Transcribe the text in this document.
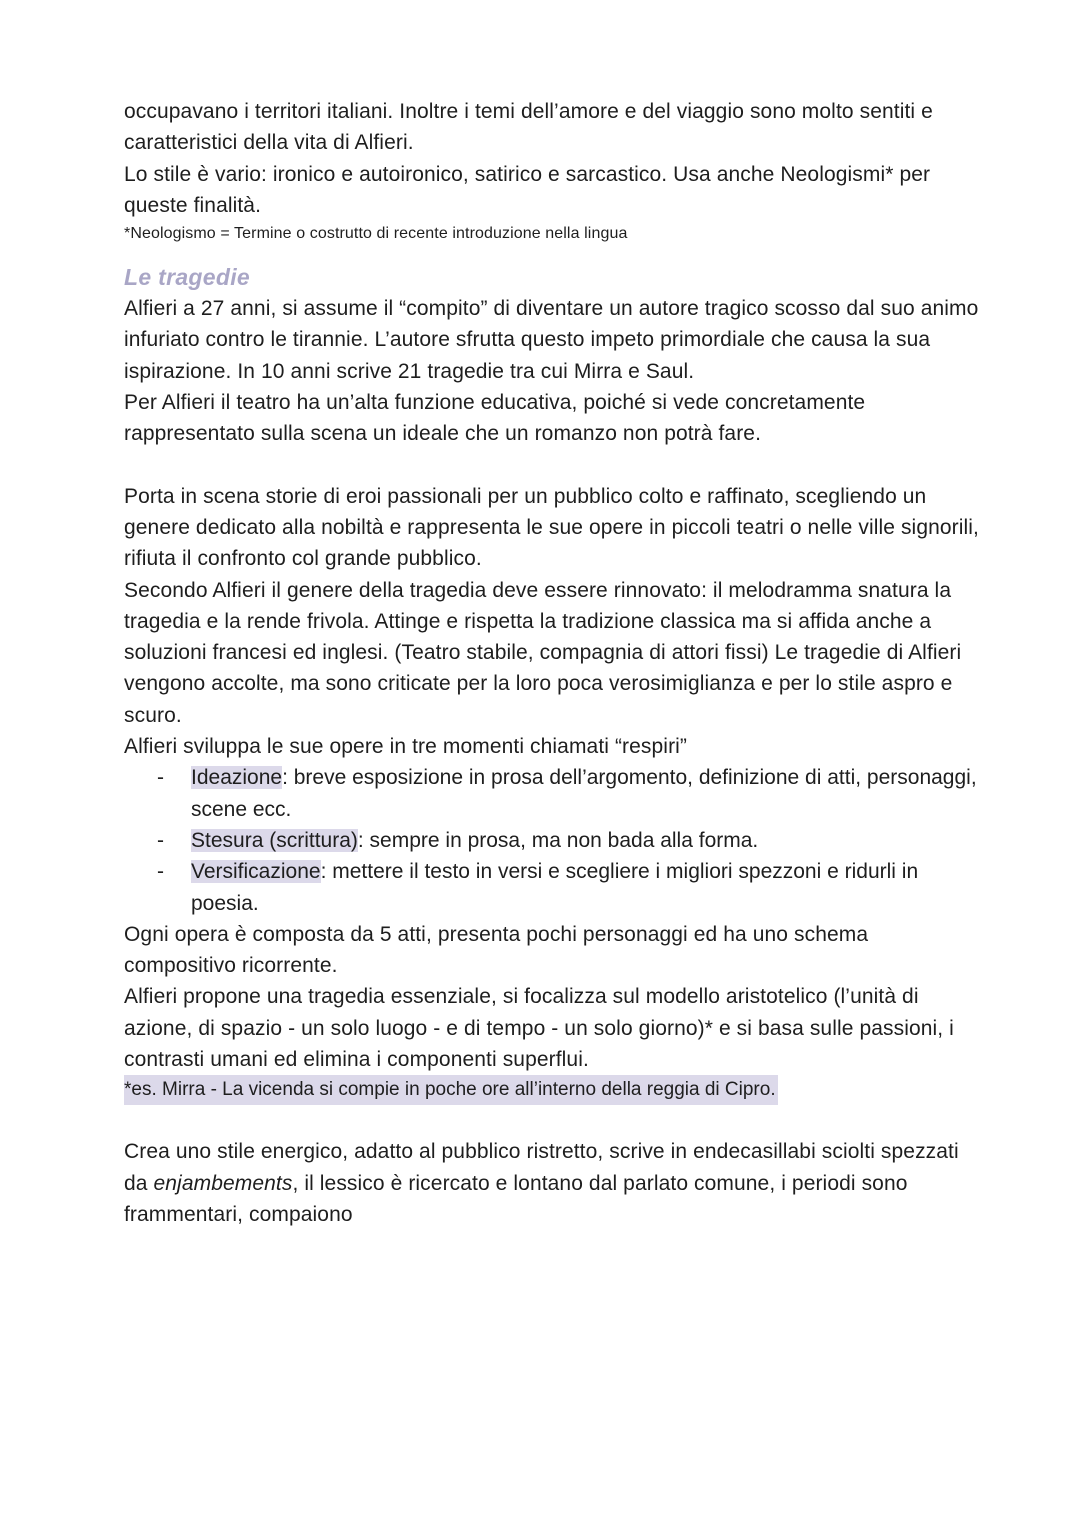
occupavano i territori italiani. Inoltre i temi dell’amore e del viaggio sono molto sentiti e caratteristici della vita di Alfieri.

Lo stile è vario: ironico e autoironico, satirico e sarcastico. Usa anche Neologismi* per queste finalità.

*Neologismo = Termine o costrutto di recente introduzione nella lingua

Le tragedie

Alfieri a 27 anni, si assume il “compito” di diventare un autore tragico scosso dal suo animo infuriato contro le tirannie. L’autore sfrutta questo impeto primordiale che causa la sua ispirazione. In 10 anni scrive 21 tragedie tra cui Mirra e Saul.

Per Alfieri il teatro ha un’alta funzione educativa, poiché si vede concretamente rappresentato sulla scena un ideale che un romanzo non potrà fare.

Porta in scena storie di eroi passionali per un pubblico colto e raffinato, scegliendo un genere dedicato alla nobiltà e rappresenta le sue opere in piccoli teatri o nelle ville signorili, rifiuta il confronto col grande pubblico.

Secondo Alfieri il genere della tragedia deve essere rinnovato: il melodramma snatura la tragedia e la rende frivola. Attinge e rispetta la tradizione classica ma si affida anche a soluzioni francesi ed inglesi. (Teatro stabile, compagnia di attori fissi) Le tragedie di Alfieri vengono accolte, ma sono criticate per la loro poca verosimiglianza e per lo stile aspro e scuro.

Alfieri sviluppa le sue opere in tre momenti chiamati “respiri”

- Ideazione: breve esposizione in prosa dell’argomento, definizione di atti, personaggi, scene ecc.
- Stesura (scrittura): sempre in prosa, ma non bada alla forma.
- Versificazione: mettere il testo in versi e scegliere i migliori spezzoni e ridurli in poesia.

Ogni opera è composta da 5 atti, presenta pochi personaggi ed ha uno schema compositivo ricorrente.

Alfieri propone una tragedia essenziale, si focalizza sul modello aristotelico (l’unità di azione, di spazio - un solo luogo - e di tempo - un solo giorno)* e si basa sulle passioni, i contrasti umani ed elimina i componenti superflui.

*es. Mirra - La vicenda si compie in poche ore all’interno della reggia di Cipro.

Crea uno stile energico, adatto al pubblico ristretto, scrive in endecasillabi sciolti spezzati da enjambements, il lessico è ricercato e lontano dal parlato comune, i periodi sono frammentari, compaiono
